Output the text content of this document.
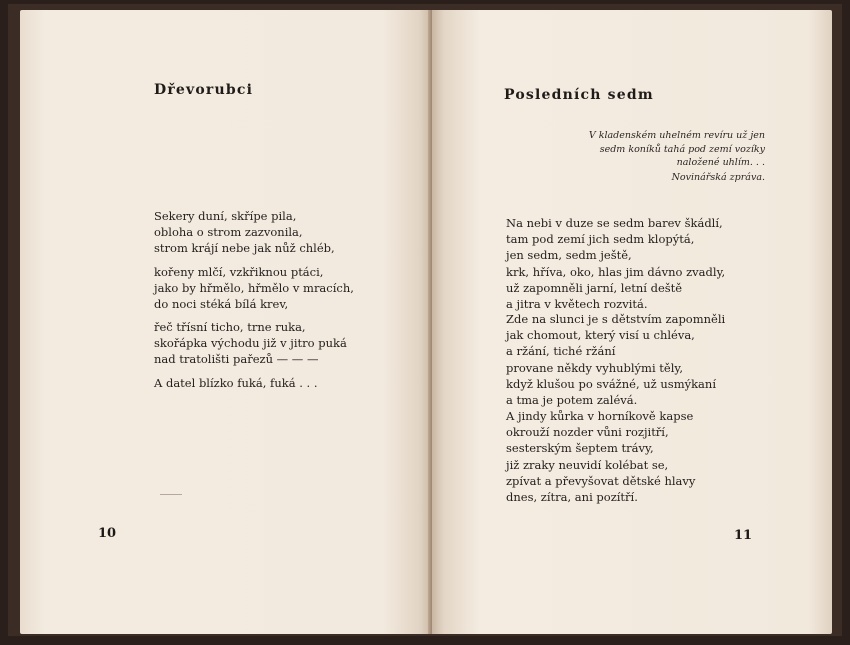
Dřevorubci
Sekery duní, skřípe pila,
obloha o strom zazvonila,
strom krájí nebe jak nůž chléb,
kořeny mlčí, vzkřiknou ptáci,
jako by hřmělo, hřmělo v mracích,
do noci stéká bílá krev,
řeč třísní ticho, trne ruka,
skořápka východu již v jitro puká
nad tratolišti pařezů — — —
A datel blízko fuká, fuká . . .
10
Posledních sedm
V kladenském uhelném revíru už jen
sedm koníků tahá pod zemí vozíky
naložené uhlím. . .
Novinářská zpráva.
Na nebi v duze se sedm barev škádlí,
tam pod zemí jich sedm klopýtá,
jen sedm, sedm ještě,
krk, hříva, oko, hlas jim dávno zvadly,
už zapomněli jarní, letní deště
a jitra v květech rozvitá.
Zde na slunci je s dětstvím zapomněli
jak chomout, který visí u chléva,
a ržání, tiché ržání
provane někdy vyhublými těly,
když klušou po svážné, už usmýkaní
a tma je potem zalévá.
A jindy kůrka v horníkově kapse
okrouží nozder vůni rozjitří,
sesterským šeptem trávy,
již zraky neuvidí kolébat se,
zpívat a převyšovat dětské hlavy
dnes, zítra, ani pozítří.
11
